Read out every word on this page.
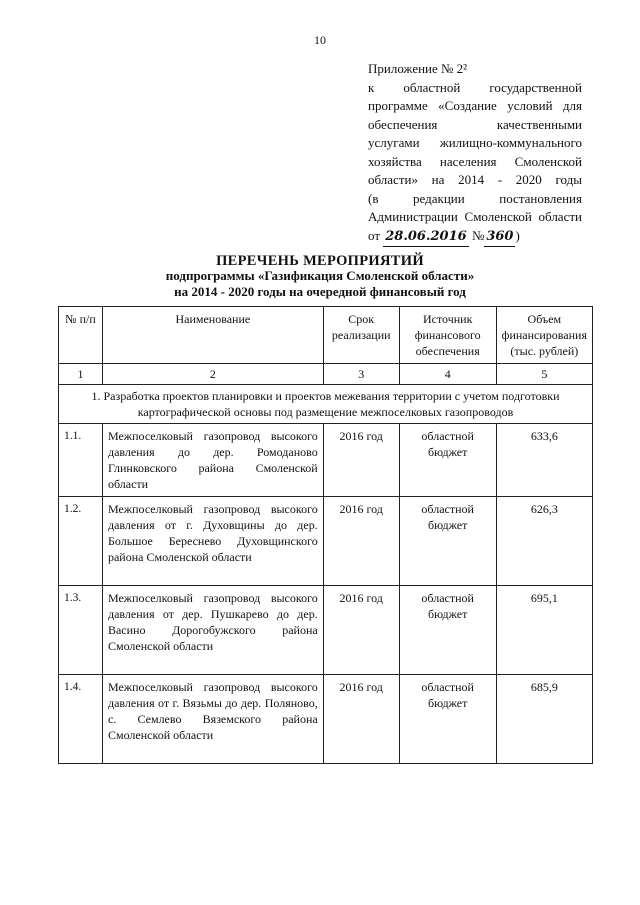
10
Приложение № 2²
к областной государственной
программе «Создание условий для
обеспечения качественными
услугами жилищно-коммунального
хозяйства населения Смоленской
области» на 2014 - 2020 годы
(в редакции постановления
Администрации Смоленской области
от 28.06.2016 № 360 )
ПЕРЕЧЕНЬ МЕРОПРИЯТИЙ
подпрограммы «Газификация Смоленской области»
на 2014 - 2020 годы на очередной финансовый год
№ п/п	Наименование	Срок реализации	Источник финансового обеспечения	Объем финансирования (тыс. рублей)
1	2	3	4	5
1. Разработка проектов планировки и проектов межевания территории с учетом подготовки картографической основы под размещение межпоселковых газопроводов				
1.1.	Межпоселковый газопровод высокого давления до дер. Ромоданово Глинковского района Смоленской области	2016 год	областной бюджет	633,6
1.2.	Межпоселковый газопровод высокого давления от г. Духовщины до дер. Большое Береснево Духовщинского района Смоленской области	2016 год	областной бюджет	626,3
1.3.	Межпоселковый газопровод высокого давления от дер. Пушкарево до дер. Васино Дорогобужского района Смоленской области	2016 год	областной бюджет	695,1
1.4.	Межпоселковый газопровод высокого давления от г. Вязьмы до дер. Поляново, с. Семлево Вяземского района Смоленской области	2016 год	областной бюджет	685,9
